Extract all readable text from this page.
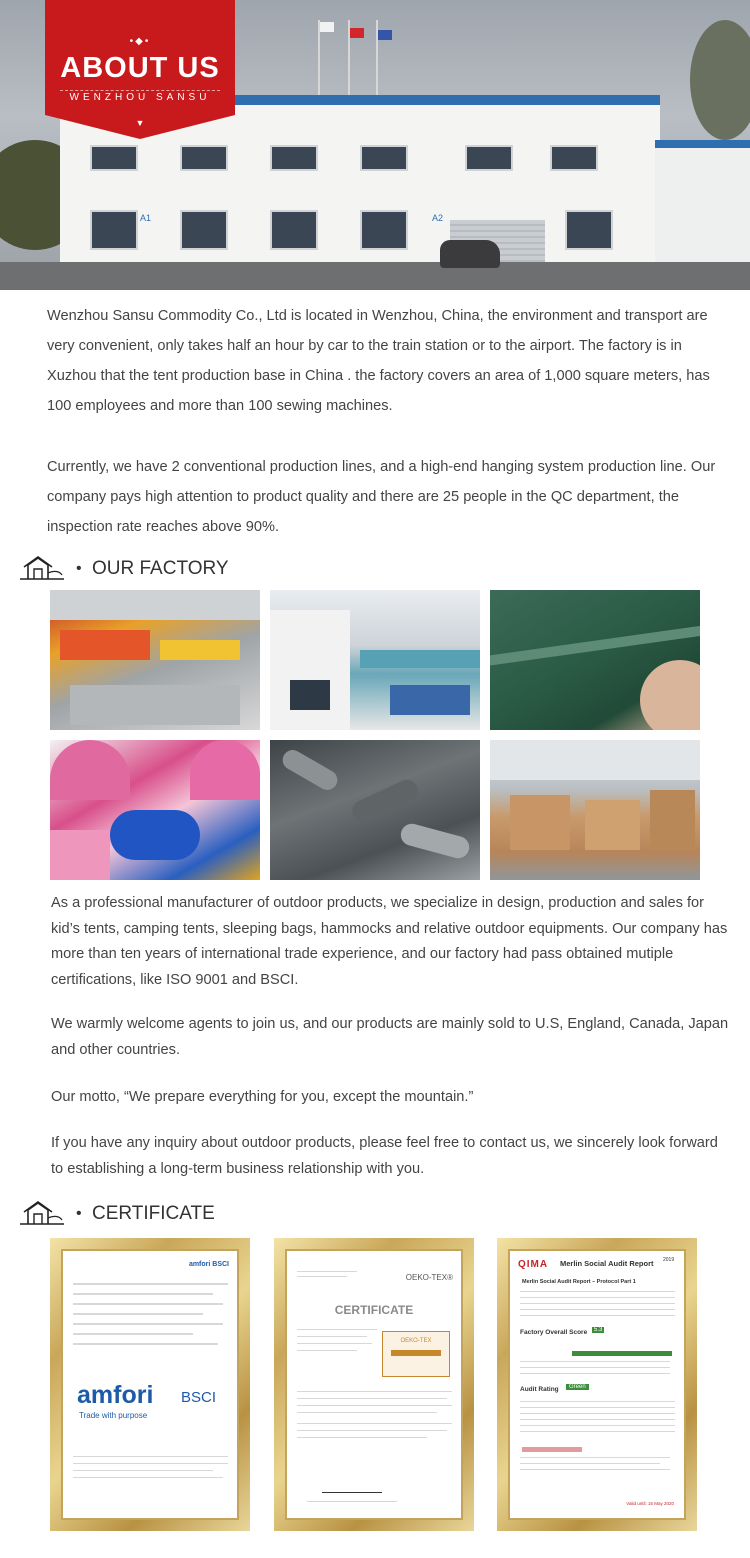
A1	A2
•◆•
ABOUT US
WENZHOU SANSU
▼

Wenzhou Sansu Commodity Co., Ltd is located in Wenzhou, China, the environment and transport are very convenient, only takes half an hour by car to the train station or to the airport. The factory is in Xuzhou that the tent production base in China . the factory covers an area of 1,000 square meters, has 100 employees and more than 100 sewing machines.

Currently, we have 2 conventional production lines, and a high-end hanging system production line. Our company pays high attention to product quality and there are 25 people in the QC department, the inspection rate reaches above 90%.

• OUR FACTORY

As a professional manufacturer of outdoor products, we specialize in design, production and sales for kid’s tents, camping tents, sleeping bags, hammocks and relative outdoor equipments. Our company has more than ten years of international trade experience, and our factory had pass obtained mutiple certifications, like ISO 9001 and BSCI.

We warmly welcome agents to join us, and our products are mainly sold to U.S, England, Canada, Japan and other countries.

Our motto, “We prepare everything for you, except the mountain.”

If you have any inquiry about outdoor products, please feel free to contact us, we sincerely look forward to establishing a long-term business relationship with you.

• CERTIFICATE
amfori BSCI
amfori BSCI
Trade with purpose
OEKO-TEX®
CERTIFICATE
OEKO-TEX
QIMA Merlin Social Audit Report 2019
Merlin Social Audit Report – Protocol Part 1
Factory Overall Score	5.3
Audit Rating	Green
Valid until: 16 May 2020
